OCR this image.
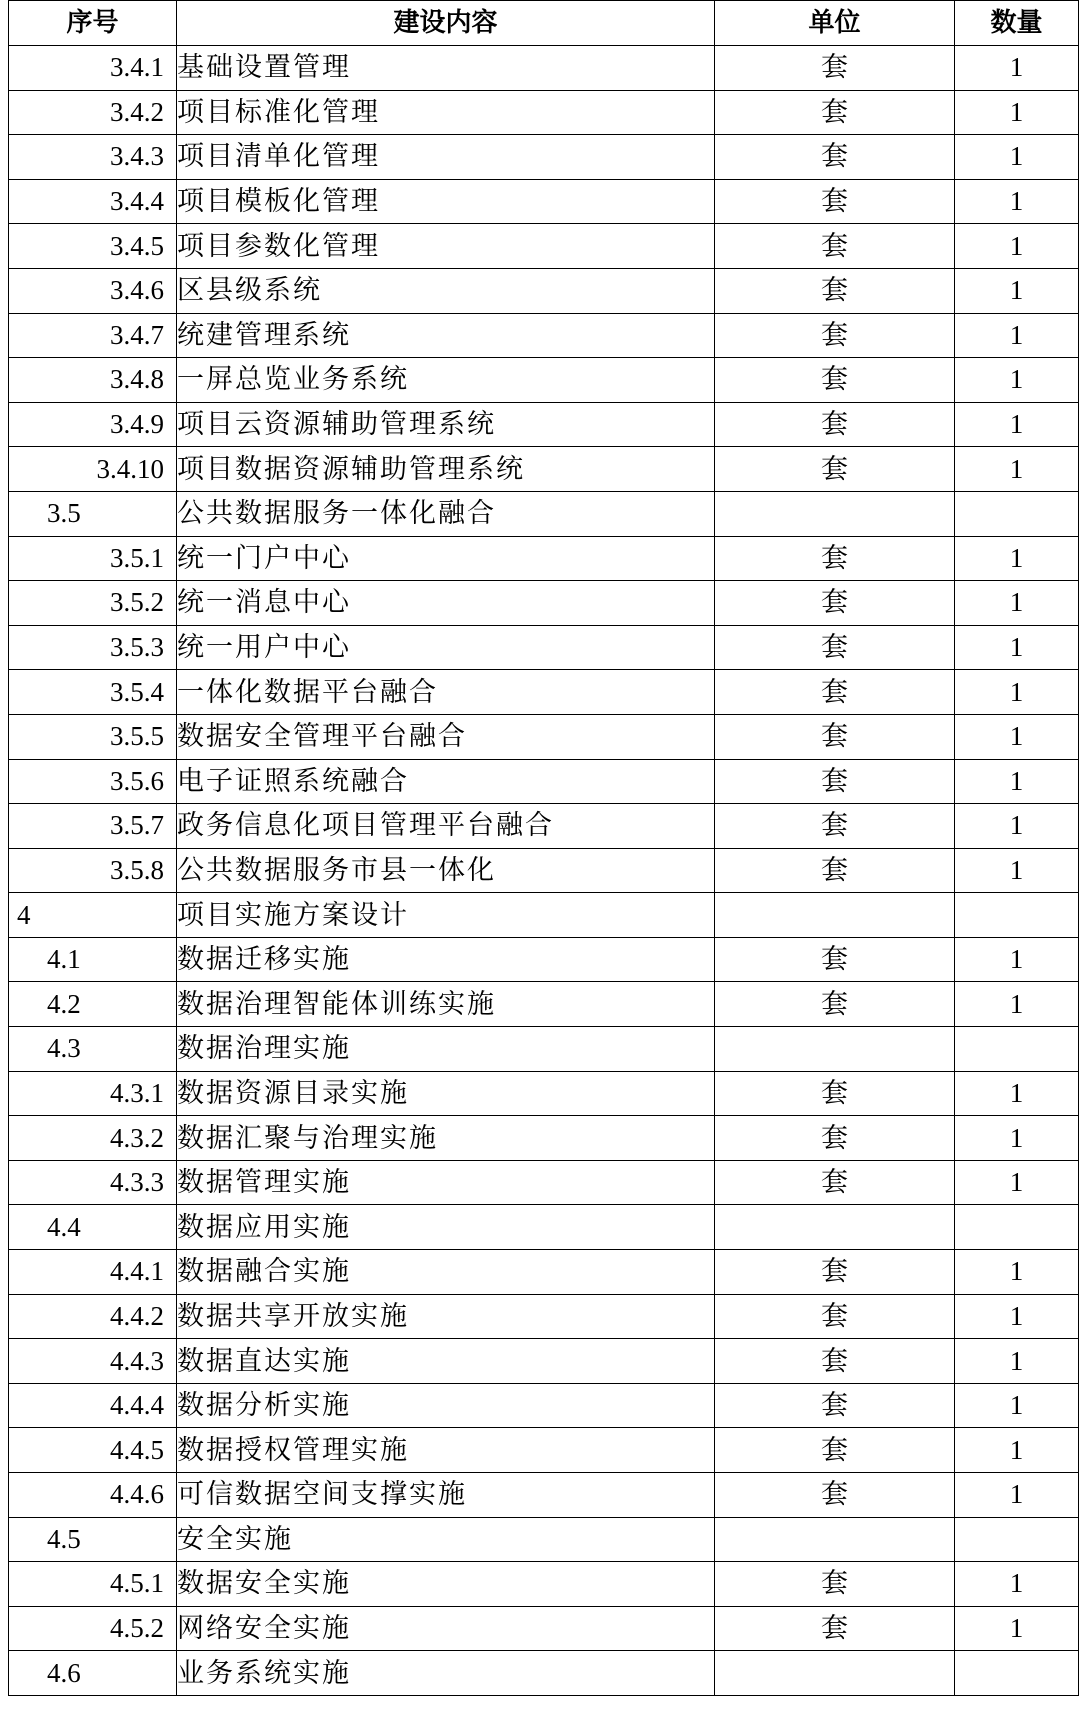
序号	建设内容	单位	数量
3.4.1	基础设置管理	套	1
3.4.2	项目标准化管理	套	1
3.4.3	项目清单化管理	套	1
3.4.4	项目模板化管理	套	1
3.4.5	项目参数化管理	套	1
3.4.6	区县级系统	套	1
3.4.7	统建管理系统	套	1
3.4.8	一屏总览业务系统	套	1
3.4.9	项目云资源辅助管理系统	套	1
3.4.10	项目数据资源辅助管理系统	套	1
3.5	公共数据服务一体化融合		
3.5.1	统一门户中心	套	1
3.5.2	统一消息中心	套	1
3.5.3	统一用户中心	套	1
3.5.4	一体化数据平台融合	套	1
3.5.5	数据安全管理平台融合	套	1
3.5.6	电子证照系统融合	套	1
3.5.7	政务信息化项目管理平台融合	套	1
3.5.8	公共数据服务市县一体化	套	1
4	项目实施方案设计		
4.1	数据迁移实施	套	1
4.2	数据治理智能体训练实施	套	1
4.3	数据治理实施		
4.3.1	数据资源目录实施	套	1
4.3.2	数据汇聚与治理实施	套	1
4.3.3	数据管理实施	套	1
4.4	数据应用实施		
4.4.1	数据融合实施	套	1
4.4.2	数据共享开放实施	套	1
4.4.3	数据直达实施	套	1
4.4.4	数据分析实施	套	1
4.4.5	数据授权管理实施	套	1
4.4.6	可信数据空间支撑实施	套	1
4.5	安全实施		
4.5.1	数据安全实施	套	1
4.5.2	网络安全实施	套	1
4.6	业务系统实施		
